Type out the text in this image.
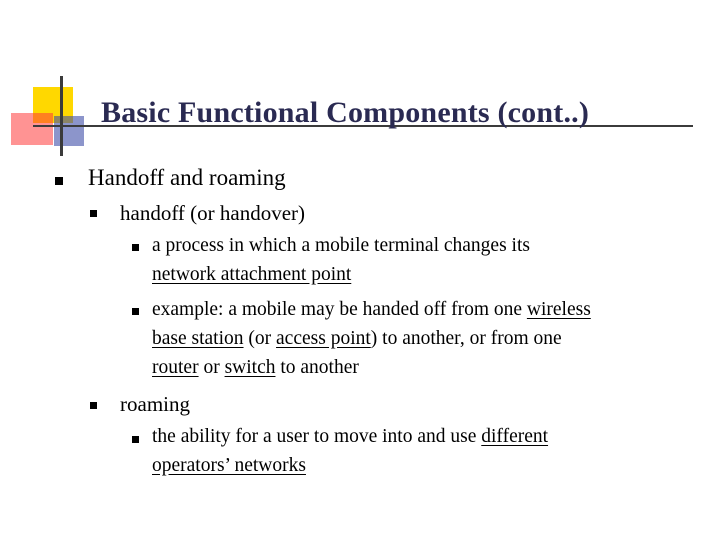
Basic Functional Components (cont..)

Handoff and roaming

handoff (or handover)

a process in which a mobile terminal changes its

network attachment point

example: a mobile may be handed off from one wireless

base station (or access point) to another, or from one

router or switch to another

roaming

the ability for a user to move into and use different

operators’ networks
